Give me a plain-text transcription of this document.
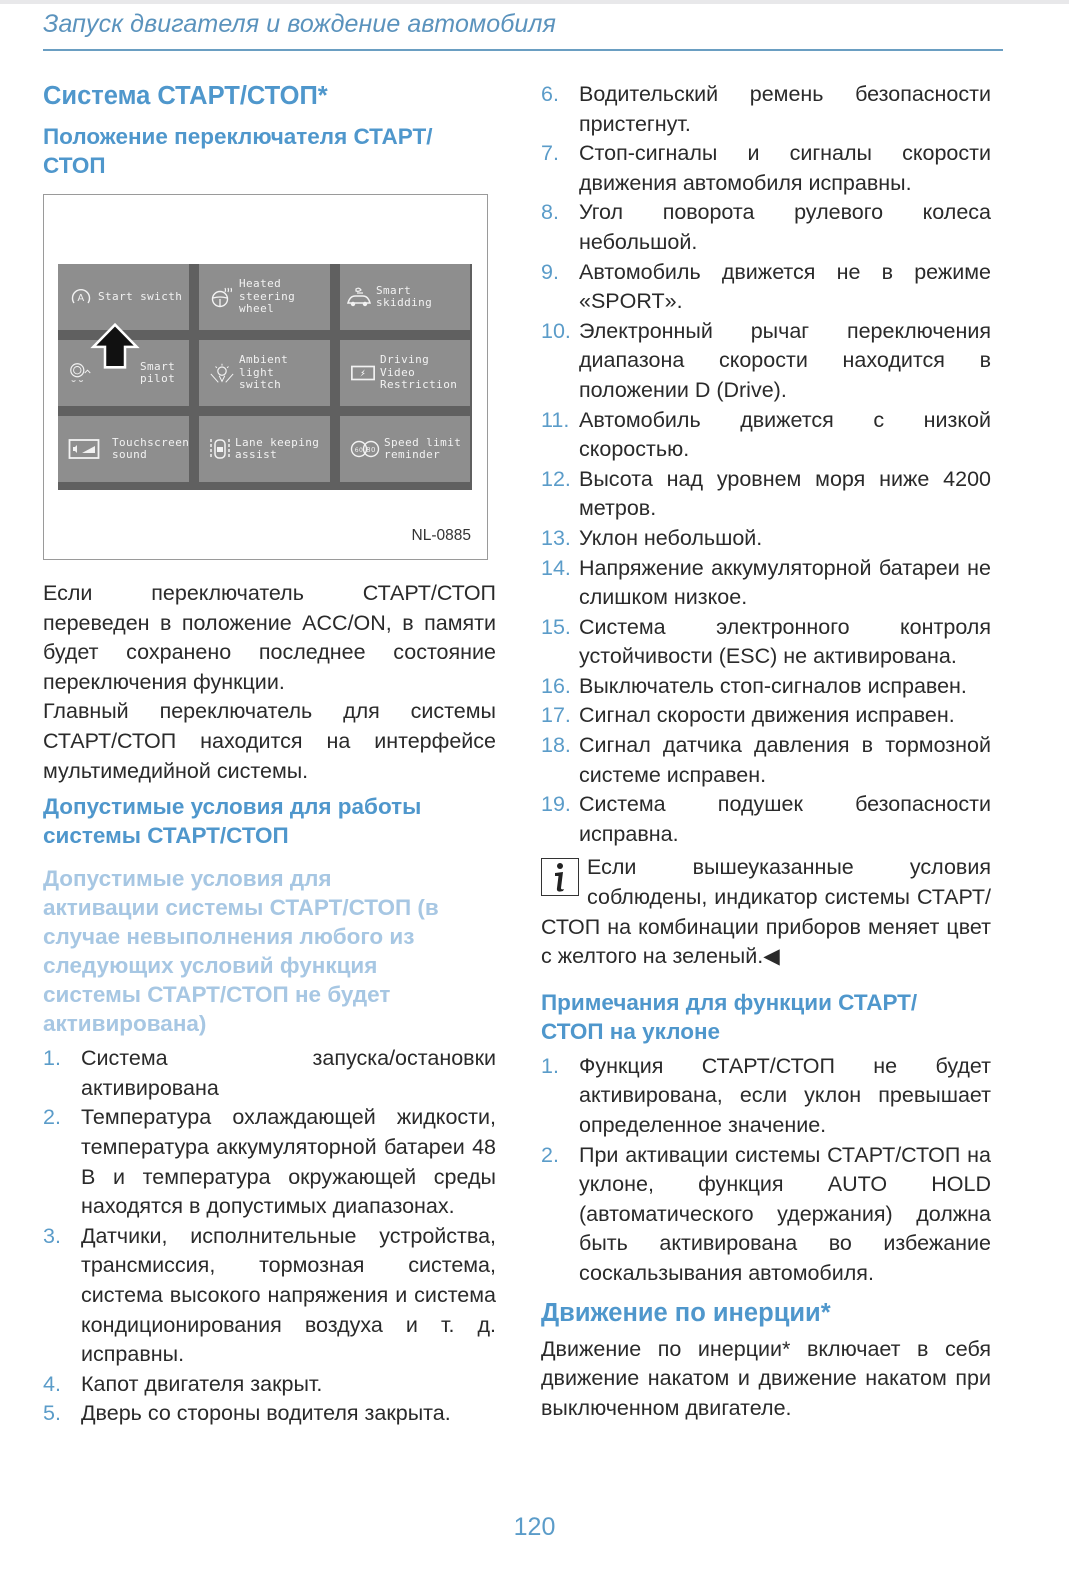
Запуск двигателя и вождение автомобиля
Система СТАРТ/СТОП*
Положение переключателя СТАРТ/ СТОП
A Start swicth
Heated
steering wheel
Smart skidding
Smart pilot
Ambient light
switch
Driving Video
Restriction
Touchscreen
sound
Lane keeping
assist	60 80
Speed limit
reminder
NL-0885

Если переключатель СТАРТ/СТОП переведен в положение ACC/ON, в памяти будет сохранено последнее состояние переключения функции.

Главный переключатель для системы СТАРТ/СТОП находится на интерфейсе мультимедийной системы.

Допустимые условия для работы системы СТАРТ/СТОП
Допустимые условия для активации системы СТАРТ/СТОП (в случае невыполнения любого из следующих условий функция системы СТАРТ/СТОП не будет активирована)
1. Система запуска/остановки активирована
2. Температура охлаждающей жидкости, температура аккумуляторной батареи 48 В и температура окружающей среды находятся в допустимых диапазонах.
3. Датчики, исполнительные устройства, трансмиссия, тормозная система, система высокого напряжения и система кондиционирования воздуха и т. д. исправны.
4. Капот двигателя закрыт.
5. Дверь со стороны водителя закрыта.
6. Водительский ремень безопасности пристегнут.
7. Стоп-сигналы и сигналы скорости движения автомобиля исправны.
8. Угол поворота рулевого колеса небольшой.
9. Автомобиль движется не в режиме «SPORT».
10. Электронный рычаг переключения диапазона скорости находится в положении D (Drive).
11. Автомобиль движется с низкой скоростью.
12. Высота над уровнем моря ниже 4200 метров.
13. Уклон небольшой.
14. Напряжение аккумуляторной батареи не слишком низкое.
15. Система электронного контроля устойчивости (ESC) не активирована.
16. Выключатель стоп-сигналов исправен.
17. Сигнал скорости движения исправен.
18. Сигнал датчика давления в тормозной системе исправен.
19. Система подушек безопасности исправна.

Если вышеуказанные условия соблюдены, индикатор системы СТАРТ/СТОП на комбинации приборов меняет цвет с желтого на зеленый.◀

Примечания для функции СТАРТ/ СТОП на уклоне
1. Функция СТАРТ/СТОП не будет активирована, если уклон превышает определенное значение.
2. При активации системы СТАРТ/СТОП на уклоне, функция AUTO HOLD (автоматического удержания) должна быть активирована во избежание соскальзывания автомобиля.
Движение по инерции*

Движение по инерции* включает в себя движение накатом и движение накатом при выключенном двигателе.

120
